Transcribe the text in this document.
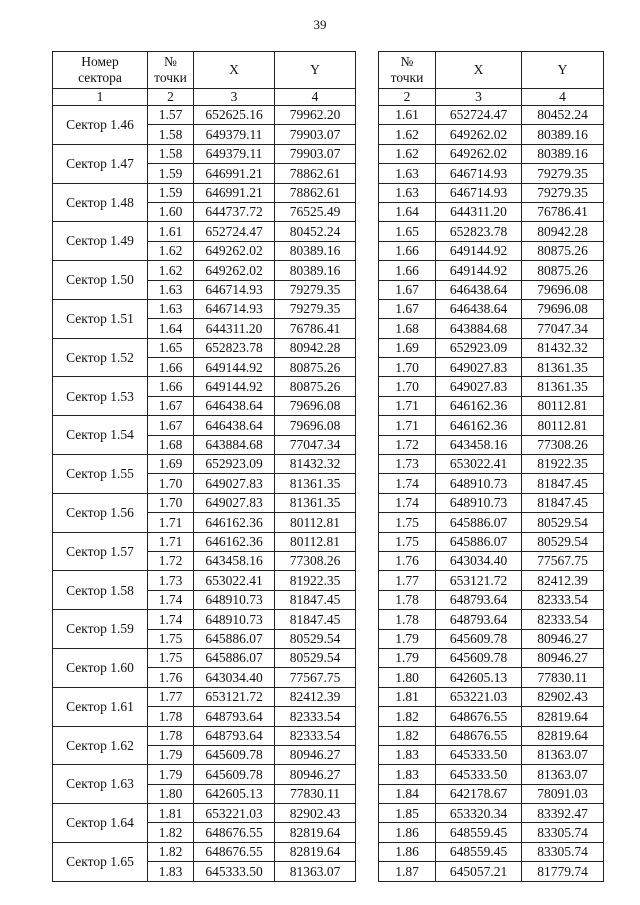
39
Номер
сектора	№
точки	X	Y
1	2	3	4
Сектор 1.46	1.57	652625.16	79962.20
	1.58	649379.11	79903.07
Сектор 1.47	1.58	649379.11	79903.07
	1.59	646991.21	78862.61
Сектор 1.48	1.59	646991.21	78862.61
	1.60	644737.72	76525.49
Сектор 1.49	1.61	652724.47	80452.24
	1.62	649262.02	80389.16
Сектор 1.50	1.62	649262.02	80389.16
	1.63	646714.93	79279.35
Сектор 1.51	1.63	646714.93	79279.35
	1.64	644311.20	76786.41
Сектор 1.52	1.65	652823.78	80942.28
	1.66	649144.92	80875.26
Сектор 1.53	1.66	649144.92	80875.26
	1.67	646438.64	79696.08
Сектор 1.54	1.67	646438.64	79696.08
	1.68	643884.68	77047.34
Сектор 1.55	1.69	652923.09	81432.32
	1.70	649027.83	81361.35
Сектор 1.56	1.70	649027.83	81361.35
	1.71	646162.36	80112.81
Сектор 1.57	1.71	646162.36	80112.81
	1.72	643458.16	77308.26
Сектор 1.58	1.73	653022.41	81922.35
	1.74	648910.73	81847.45
Сектор 1.59	1.74	648910.73	81847.45
	1.75	645886.07	80529.54
Сектор 1.60	1.75	645886.07	80529.54
	1.76	643034.40	77567.75
Сектор 1.61	1.77	653121.72	82412.39
	1.78	648793.64	82333.54
Сектор 1.62	1.78	648793.64	82333.54
	1.79	645609.78	80946.27
Сектор 1.63	1.79	645609.78	80946.27
	1.80	642605.13	77830.11
Сектор 1.64	1.81	653221.03	82902.43
	1.82	648676.55	82819.64
Сектор 1.65	1.82	648676.55	82819.64
	1.83	645333.50	81363.07
№
точки	X	Y
2	3	4
1.61	652724.47	80452.24
1.62	649262.02	80389.16
1.62	649262.02	80389.16
1.63	646714.93	79279.35
1.63	646714.93	79279.35
1.64	644311.20	76786.41
1.65	652823.78	80942.28
1.66	649144.92	80875.26
1.66	649144.92	80875.26
1.67	646438.64	79696.08
1.67	646438.64	79696.08
1.68	643884.68	77047.34
1.69	652923.09	81432.32
1.70	649027.83	81361.35
1.70	649027.83	81361.35
1.71	646162.36	80112.81
1.71	646162.36	80112.81
1.72	643458.16	77308.26
1.73	653022.41	81922.35
1.74	648910.73	81847.45
1.74	648910.73	81847.45
1.75	645886.07	80529.54
1.75	645886.07	80529.54
1.76	643034.40	77567.75
1.77	653121.72	82412.39
1.78	648793.64	82333.54
1.78	648793.64	82333.54
1.79	645609.78	80946.27
1.79	645609.78	80946.27
1.80	642605.13	77830.11
1.81	653221.03	82902.43
1.82	648676.55	82819.64
1.82	648676.55	82819.64
1.83	645333.50	81363.07
1.83	645333.50	81363.07
1.84	642178.67	78091.03
1.85	653320.34	83392.47
1.86	648559.45	83305.74
1.86	648559.45	83305.74
1.87	645057.21	81779.74
